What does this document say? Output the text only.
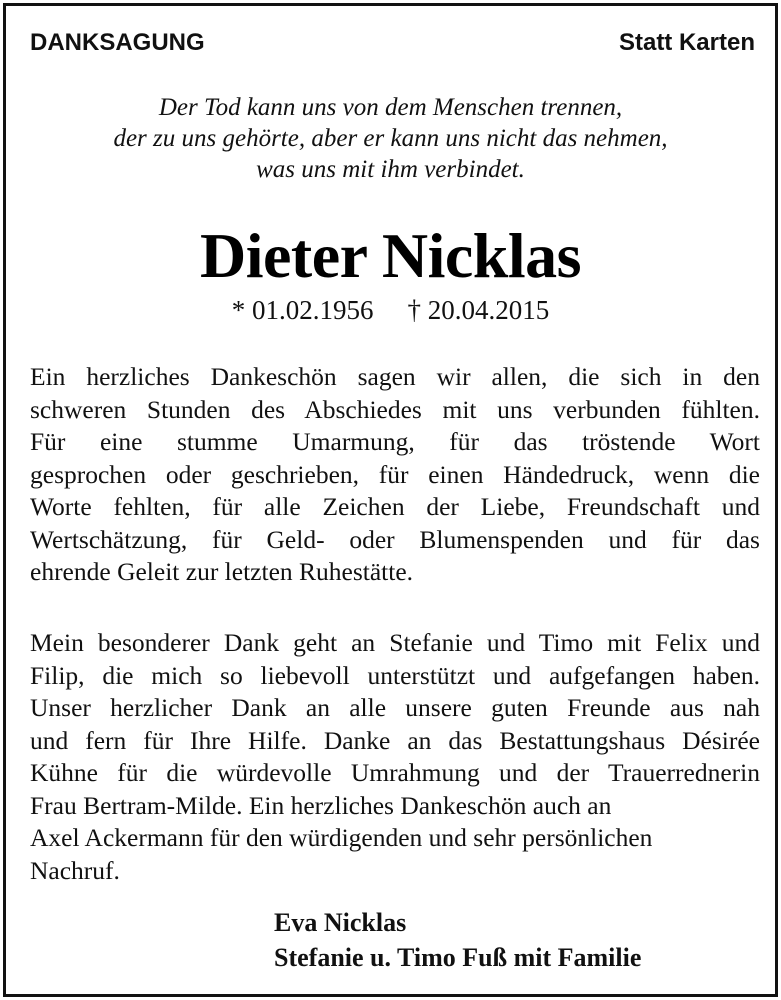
DANKSAGUNG	Statt Karten
Der Tod kann uns von dem Menschen trennen,
der zu uns gehörte, aber er kann uns nicht das nehmen,
was uns mit ihm verbindet.
Dieter Nicklas
* 01.02.1956 † 20.04.2015
Ein herzliches Dankeschön sagen wir allen, die sich in den
schweren Stunden des Abschiedes mit uns verbunden fühlten.
Für eine stumme Umarmung, für das tröstende Wort
gesprochen oder geschrieben, für einen Händedruck, wenn die
Worte fehlten, für alle Zeichen der Liebe, Freundschaft und
Wertschätzung, für Geld- oder Blumenspenden und für das
ehrende Geleit zur letzten Ruhestätte.
Mein besonderer Dank geht an Stefanie und Timo mit Felix und
Filip, die mich so liebevoll unterstützt und aufgefangen haben.
Unser herzlicher Dank an alle unsere guten Freunde aus nah
und fern für Ihre Hilfe. Danke an das Bestattungshaus Désirée
Kühne für die würdevolle Umrahmung und der Trauerrednerin
Frau Bertram-Milde. Ein herzliches Dankeschön auch an
Axel Ackermann für den würdigenden und sehr persönlichen
Nachruf.
Eva Nicklas
Stefanie u. Timo Fuß mit Familie
